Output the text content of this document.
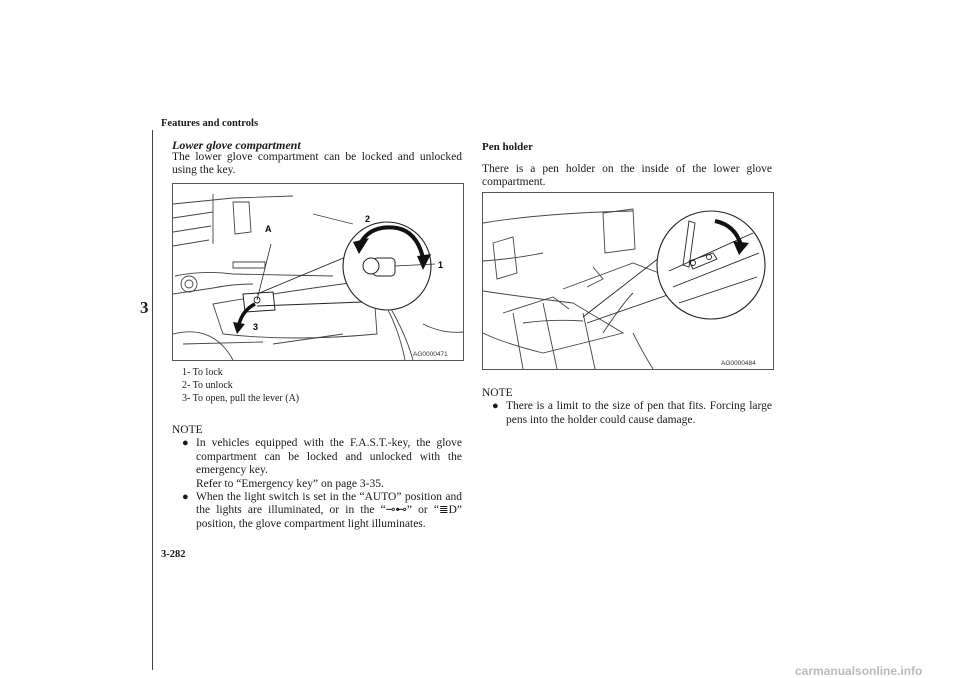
Features and controls
3
Lower glove compartment
The lower glove compartment can be locked and unlocked using the key.
A
2
1
3
AG0000471
1- To lock
2- To unlock
3- To open, pull the lever (A)
NOTE
● In vehicles equipped with the F.A.S.T.-key, the glove compartment can be locked and unlocked with the emergency key.
Refer to “Emergency key” on page 3-35.
● When the light switch is set in the “AUTO” position and the lights are illuminated, or in the “⊸⊷” or “≣D” position, the glove compartment light illuminates.
Pen holder
There is a pen holder on the inside of the lower glove compartment.
AG0000484
NOTE
● There is a limit to the size of pen that fits. Forcing large pens into the holder could cause damage.
3-282
carmanualsonline.info
